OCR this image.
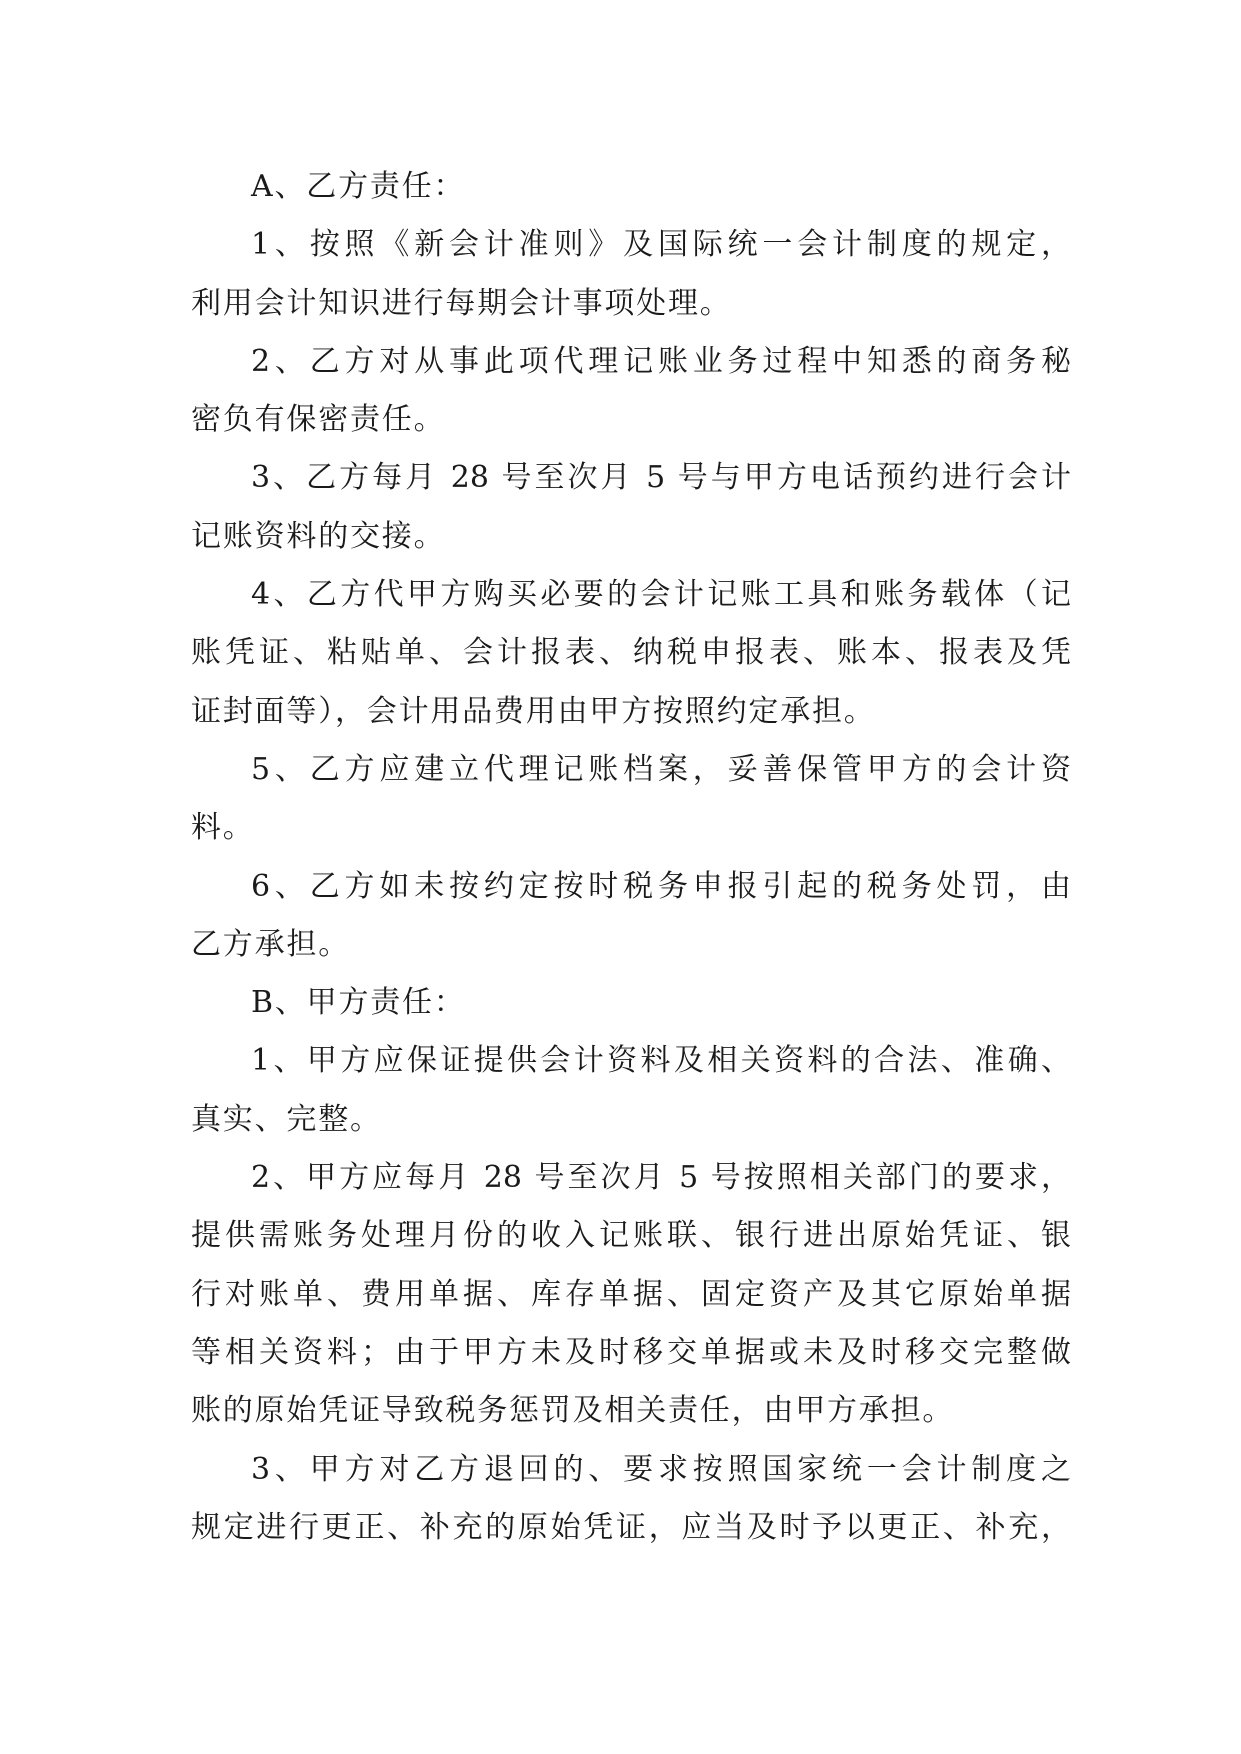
A、乙方责任：
1、按照《新会计准则》及国际统一会计制度的规定，
利用会计知识进行每期会计事项处理。
2、乙方对从事此项代理记账业务过程中知悉的商务秘
密负有保密责任。
3、乙方每月 28 号至次月 5 号与甲方电话预约进行会计
记账资料的交接。
4、乙方代甲方购买必要的会计记账工具和账务载体（记
账凭证、粘贴单、会计报表、纳税申报表、账本、报表及凭
证封面等），会计用品费用由甲方按照约定承担。
5、乙方应建立代理记账档案，妥善保管甲方的会计资
料。
6、乙方如未按约定按时税务申报引起的税务处罚，由
乙方承担。
B、甲方责任：
1、甲方应保证提供会计资料及相关资料的合法、准确、
真实、完整。
2、甲方应每月 28 号至次月 5 号按照相关部门的要求，
提供需账务处理月份的收入记账联、银行进出原始凭证、银
行对账单、费用单据、库存单据、固定资产及其它原始单据
等相关资料；由于甲方未及时移交单据或未及时移交完整做
账的原始凭证导致税务惩罚及相关责任，由甲方承担。
3、甲方对乙方退回的、要求按照国家统一会计制度之
规定进行更正、补充的原始凭证，应当及时予以更正、补充，
